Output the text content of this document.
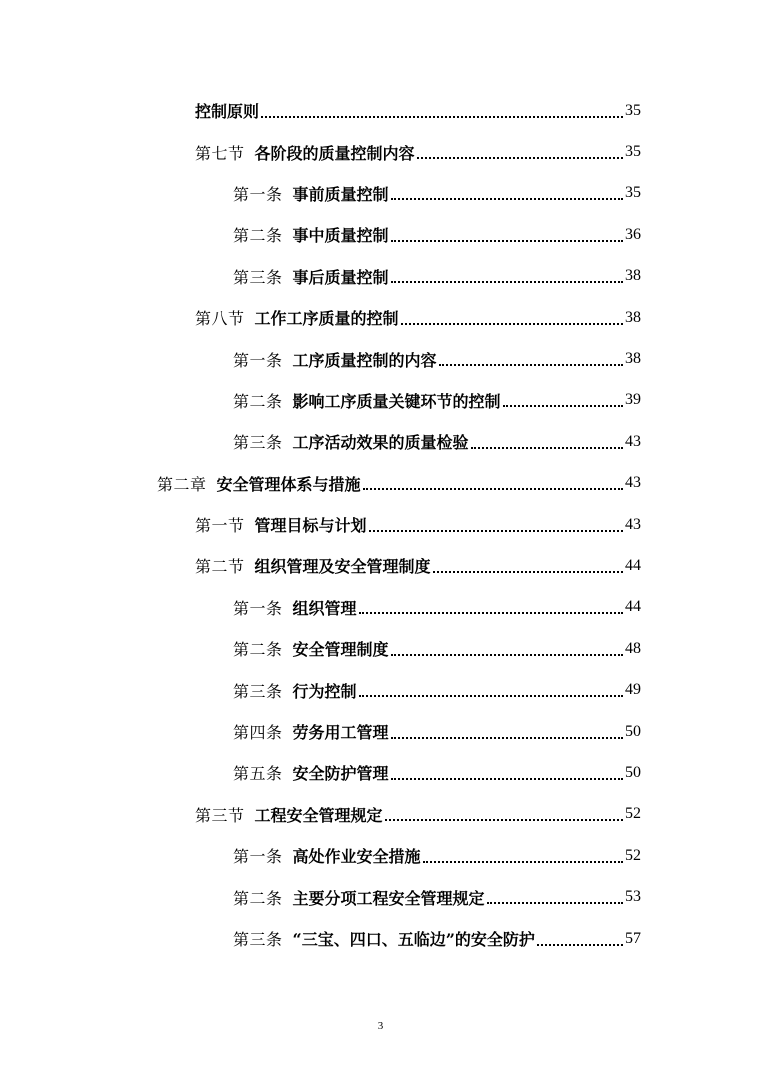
控制原则	35
第七节 各阶段的质量控制内容	35
第一条 事前质量控制	35
第二条 事中质量控制	36
第三条 事后质量控制	38
第八节 工作工序质量的控制	38
第一条 工序质量控制的内容	38
第二条 影响工序质量关键环节的控制	39
第三条 工序活动效果的质量检验	43
第二章 安全管理体系与措施	43
第一节 管理目标与计划	43
第二节 组织管理及安全管理制度	44
第一条 组织管理	44
第二条 安全管理制度	48
第三条 行为控制	49
第四条 劳务用工管理	50
第五条 安全防护管理	50
第三节 工程安全管理规定	52
第一条 高处作业安全措施	52
第二条 主要分项工程安全管理规定	53
第三条 “三宝、四口、五临边”的安全防护	57
3
